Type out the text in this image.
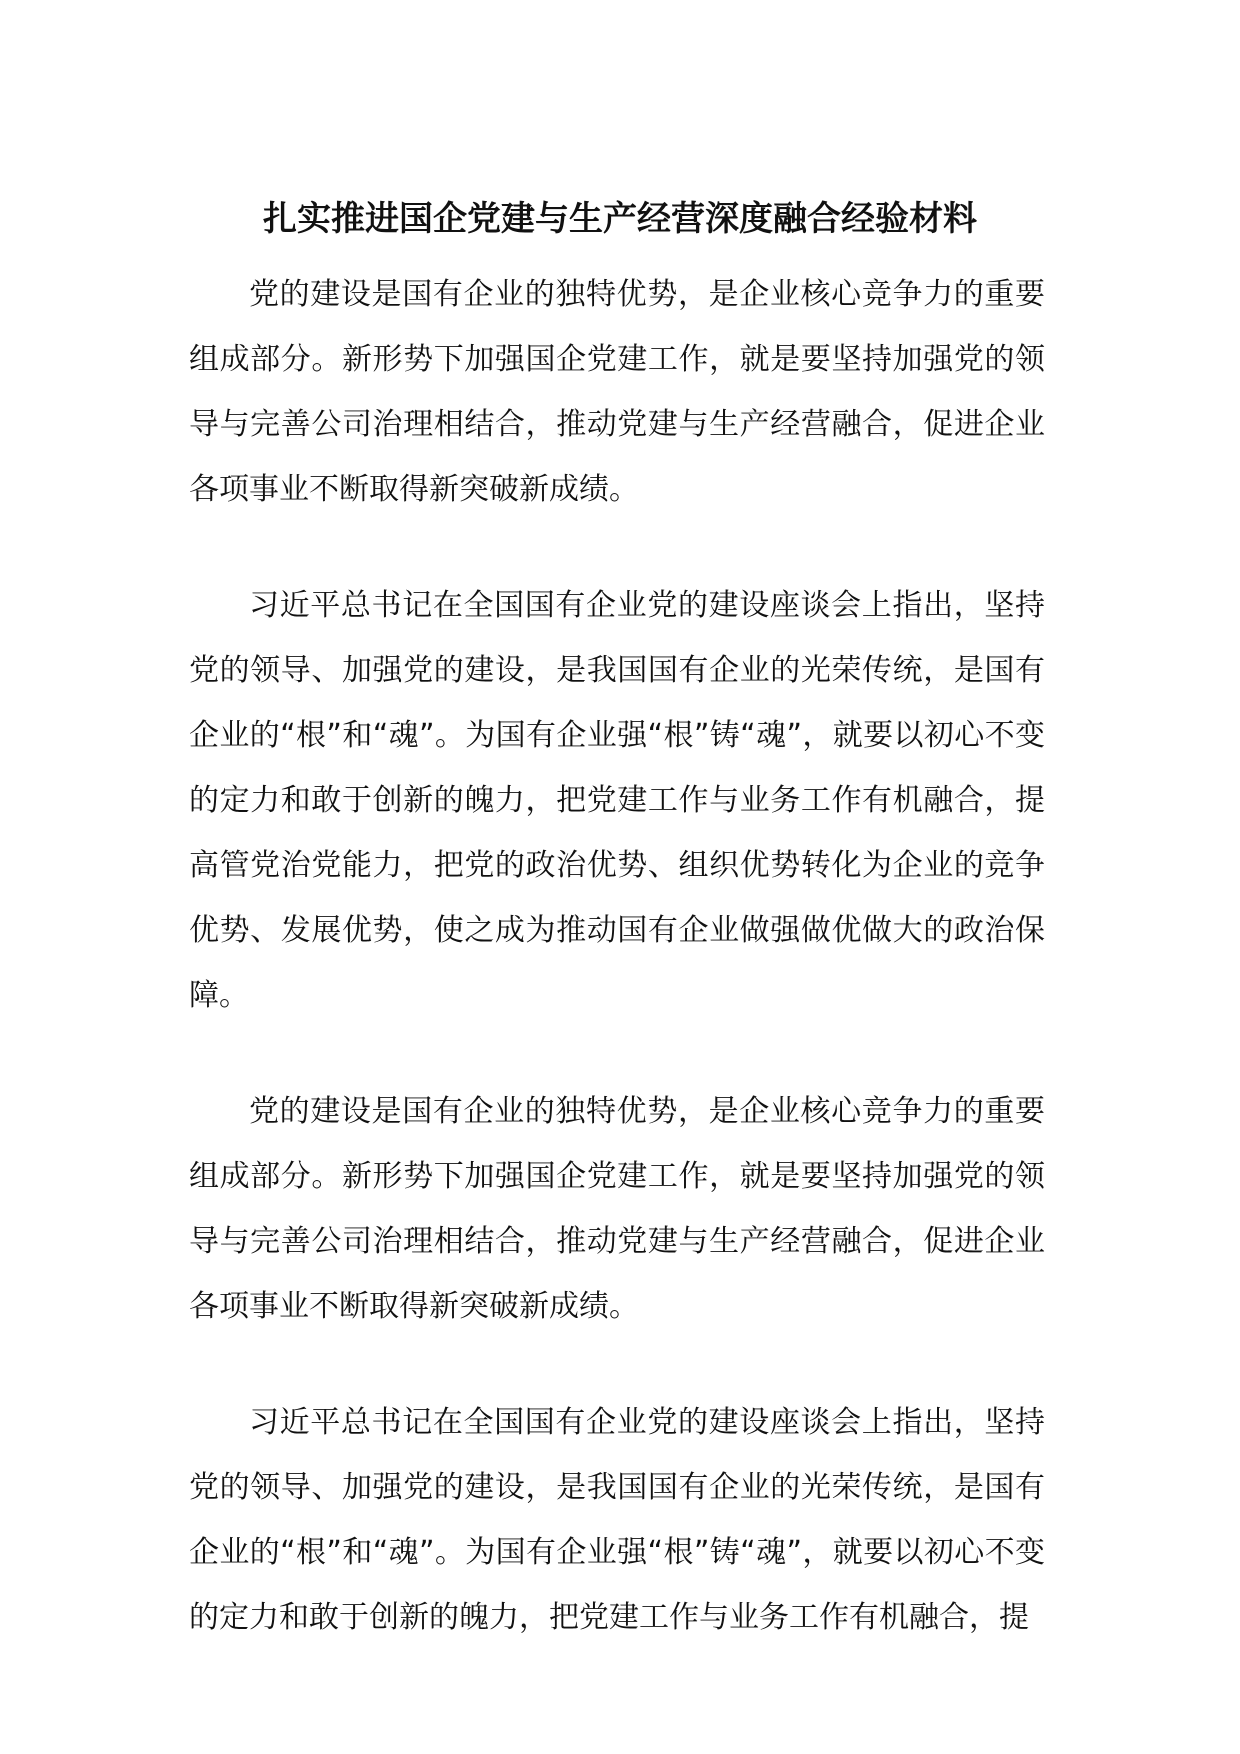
扎实推进国企党建与生产经营深度融合经验材料

党的建设是国有企业的独特优势，是企业核心竞争力的重要组成部分。新形势下加强国企党建工作，就是要坚持加强党的领导与完善公司治理相结合，推动党建与生产经营融合，促进企业各项事业不断取得新突破新成绩。

习近平总书记在全国国有企业党的建设座谈会上指出，坚持党的领导、加强党的建设，是我国国有企业的光荣传统，是国有企业的“根”和“魂”。为国有企业强“根”铸“魂”，就要以初心不变的定力和敢于创新的魄力，把党建工作与业务工作有机融合，提高管党治党能力，把党的政治优势、组织优势转化为企业的竞争优势、发展优势，使之成为推动国有企业做强做优做大的政治保障。

党的建设是国有企业的独特优势，是企业核心竞争力的重要组成部分。新形势下加强国企党建工作，就是要坚持加强党的领导与完善公司治理相结合，推动党建与生产经营融合，促进企业各项事业不断取得新突破新成绩。

习近平总书记在全国国有企业党的建设座谈会上指出，坚持党的领导、加强党的建设，是我国国有企业的光荣传统，是国有企业的“根”和“魂”。为国有企业强“根”铸“魂”，就要以初心不变的定力和敢于创新的魄力，把党建工作与业务工作有机融合，提
